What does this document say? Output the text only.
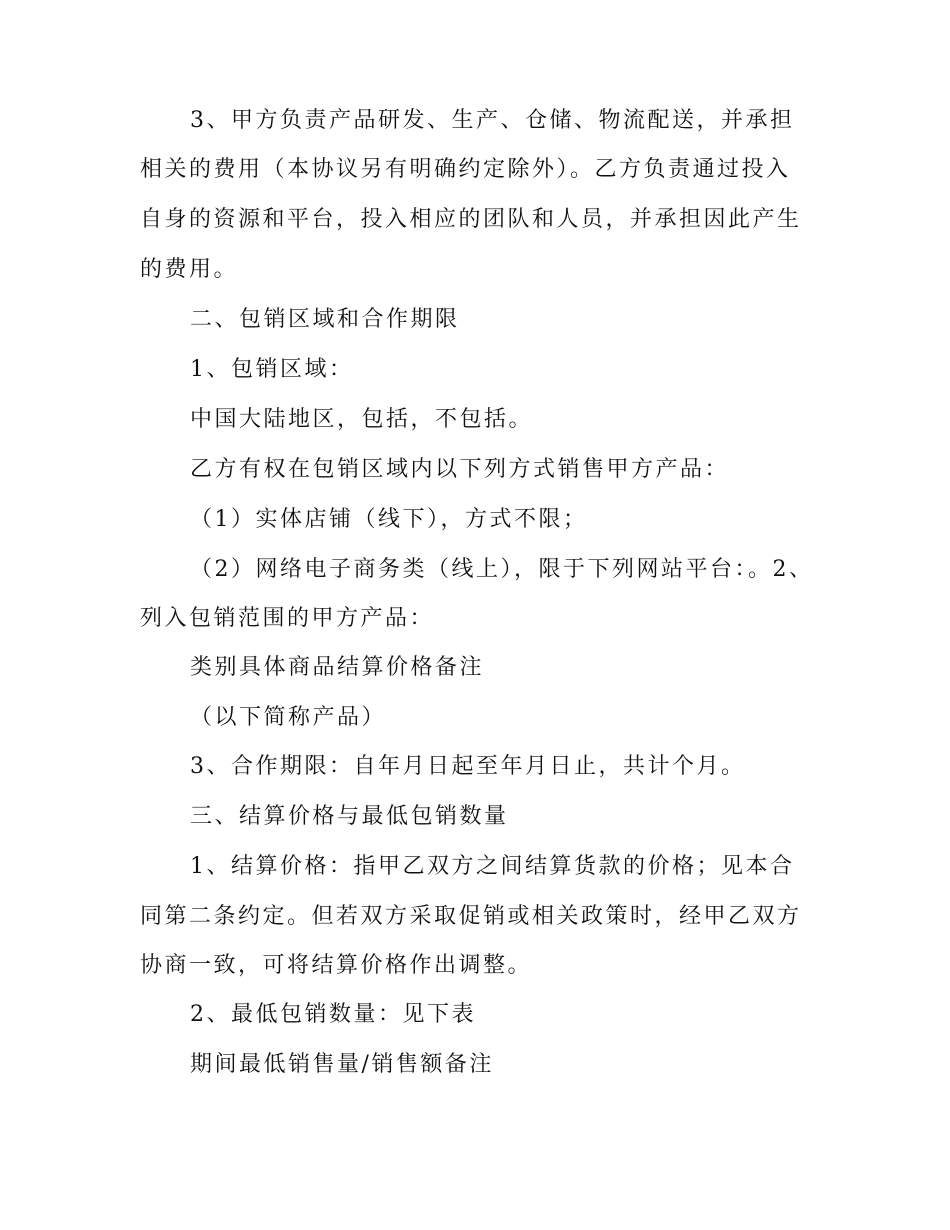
3、甲方负责产品研发、生产、仓储、物流配送，并承担
相关的费用（本协议另有明确约定除外）。乙方负责通过投入
自身的资源和平台，投入相应的团队和人员，并承担因此产生
的费用。
二、包销区域和合作期限
1、包销区域：
中国大陆地区，包括，不包括。
乙方有权在包销区域内以下列方式销售甲方产品：
（1）实体店铺（线下），方式不限；
（2）网络电子商务类（线上），限于下列网站平台：。2、
列入包销范围的甲方产品：
类别具体商品结算价格备注
（以下简称产品）
3、合作期限：自年月日起至年月日止，共计个月。
三、结算价格与最低包销数量
1、结算价格：指甲乙双方之间结算货款的价格；见本合
同第二条约定。但若双方采取促销或相关政策时，经甲乙双方
协商一致，可将结算价格作出调整。
2、最低包销数量：见下表
期间最低销售量/销售额备注
